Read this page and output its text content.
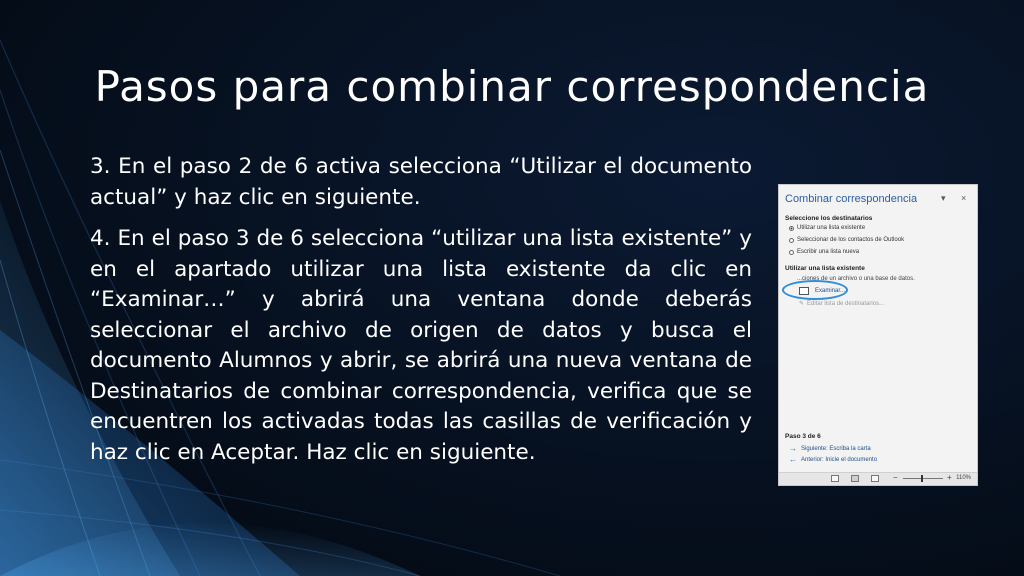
Pasos para combinar correspondencia

3. En el paso 2 de 6 activa selecciona “Utilizar el documento actual” y haz clic en siguiente.

4. En el paso 3 de 6 selecciona “utilizar una lista existente” y en el apartado utilizar una lista existente da clic en “Examinar…” y abrirá una ventana donde deberás seleccionar el archivo de origen de datos y busca el documento Alumnos y abrir, se abrirá una nueva ventana de Destinatarios de combinar correspondencia, verifica que se encuentren los activadas todas las casillas de verificación y haz clic en Aceptar. Haz clic en siguiente.

Combinar correspondencia	▾ ×
Seleccione los destinatarios
Utilizar una lista existente
Seleccionar de los contactos de Outlook
Escribir una lista nueva
Utilizar una lista existente
...ciones de un archivo o una base de datos.
Examinar...
✎ Editar lista de destinatarios...
Paso 3 de 6
→ Siguiente: Escriba la carta
← Anterior: Inicie el documento
−	+ 110%
